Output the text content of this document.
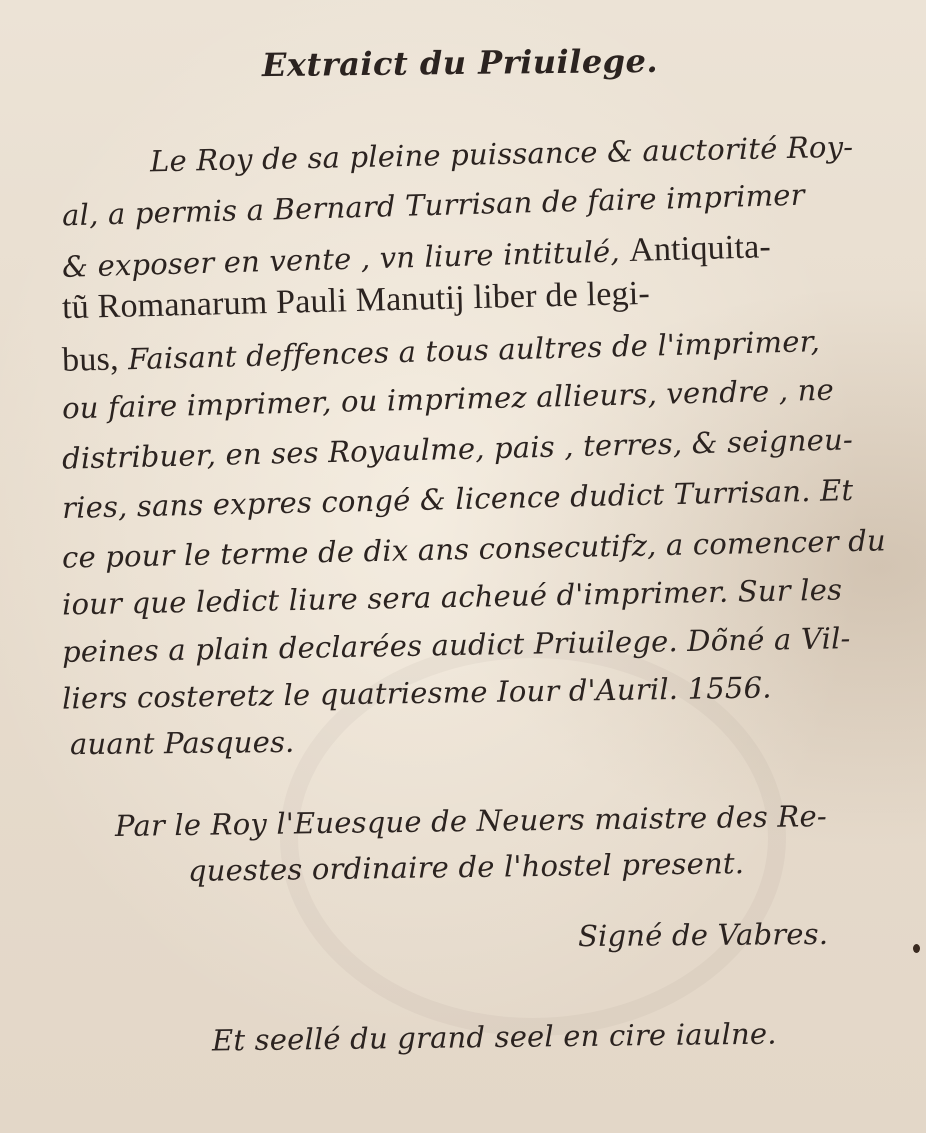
Extraict du Priuilege.
Le Roy de sa pleine puissance & auctorité Roy-
al, a permis a Bernard Turrisan de faire imprimer
& exposer en vente , vn liure intitulé, Antiquita-
tũ Romanarum Pauli Manutij liber de legi-
bus, Faisant deffences a tous aultres de l'imprimer,
ou faire imprimer, ou imprimez allieurs, vendre , ne
distribuer, en ses Royaulme, pais , terres, & seigneu-
ries, sans expres congé & licence dudict Turrisan. Et
ce pour le terme de dix ans consecutifz, a comencer du
iour que ledict liure sera acheué d'imprimer. Sur les
peines a plain declarées audict Priuilege. Dõné a Vil-
liers costeretz le quatriesme Iour d'Auril. 1556.
auant Pasques.
Par le Roy l'Euesque de Neuers maistre des Re-
questes ordinaire de l'hostel present.
Signé de Vabres.
Et seellé du grand seel en cire iaulne.
